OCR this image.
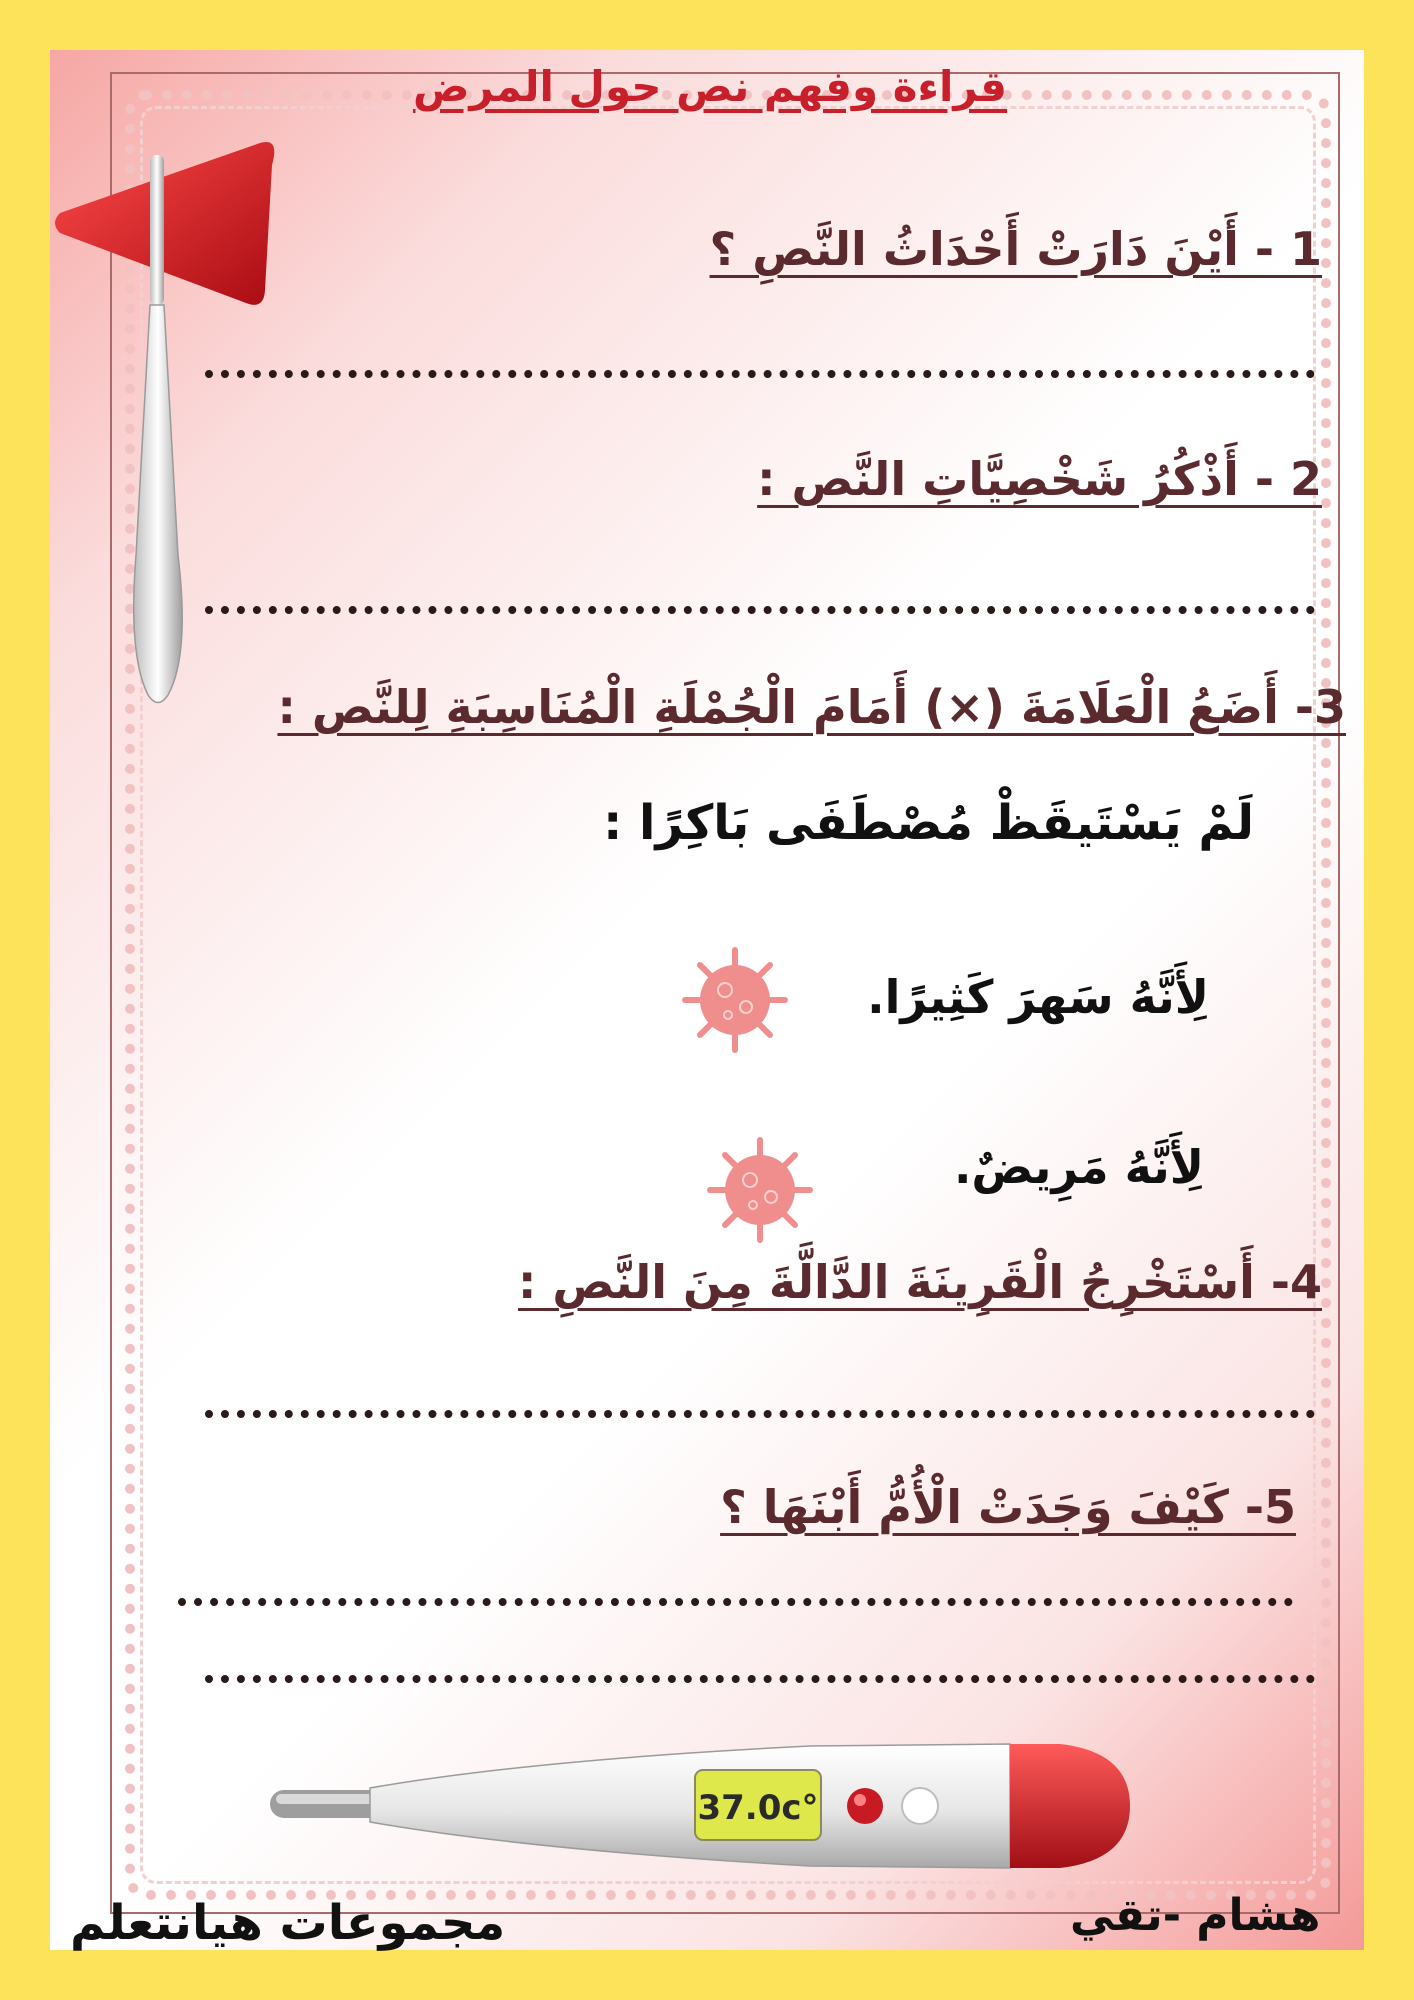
قراءة وفهم نص حول المرض
1 - أَيْنَ دَارَتْ أَحْدَاثُ النَّصِ ؟
2 - أَذْكُرُ شَخْصِيَّاتِ النَّص :
3- أَضَعُ الْعَلَامَةَ (×) أَمَامَ الْجُمْلَةِ الْمُنَاسِبَةِ لِلنَّص :
لَمْ يَسْتَيقَظْ مُصْطَفَى بَاكِرًا :
لِأَنَّهُ سَهرَ كَثِيرًا.
لِأَنَّهُ مَرِيضٌ.
4- أَسْتَخْرِجُ الْقَرِينَةَ الدَّالَّةَ مِنَ النَّصِ :
5- كَيْفَ وَجَدَتْ الْأُمُّ أَبْنَهَا ؟
37.0c°
مجموعات هيانتعلم	هشام -تقي
